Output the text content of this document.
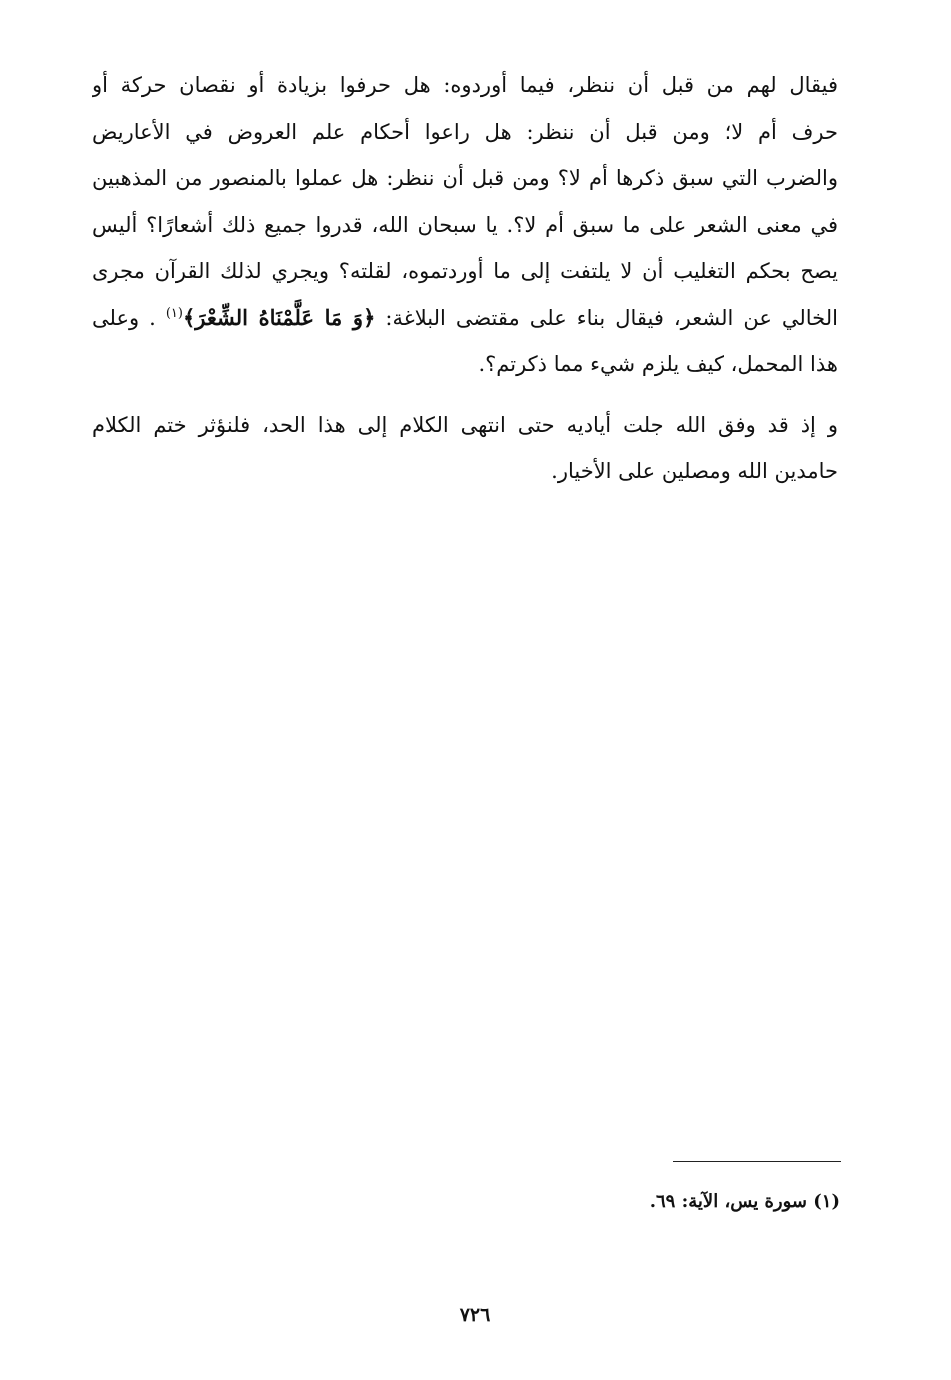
فيقال لهم من قبل أن ننظر، فيما أوردوه: هل حرفوا بزيادة أو نقصان حركة أو
حرف أم لا؛ ومن قبل أن ننظر: هل راعوا أحكام علم العروض في الأعاريض
والضرب التي سبق ذكرها أم لا؟ ومن قبل أن ننظر: هل عملوا بالمنصور من المذهبين
في معنى الشعر على ما سبق أم لا؟. يا سبحان الله، قدروا جميع ذلك أشعارًا؟ أليس
يصح بحكم التغليب أن لا يلتفت إلى ما أوردتموه، لقلته؟ ويجري لذلك القرآن مجرى
الخالي عن الشعر، فيقال بناء على مقتضى البلاغة: ﴿وَ مَا عَلَّمْنَاهُ الشِّعْرَ﴾$^{(١)}$ . وعلى
هذا المحمل، كيف يلزم شيء مما ذكرتم؟.

و إذ قد وفق الله جلت أياديه حتى انتهى الكلام إلى هذا الحد، فلنؤثر ختم الكلام
حامدين الله ومصلين على الأخيار.

(١) سورة يس، الآية: ٦٩.
٧٢٦
